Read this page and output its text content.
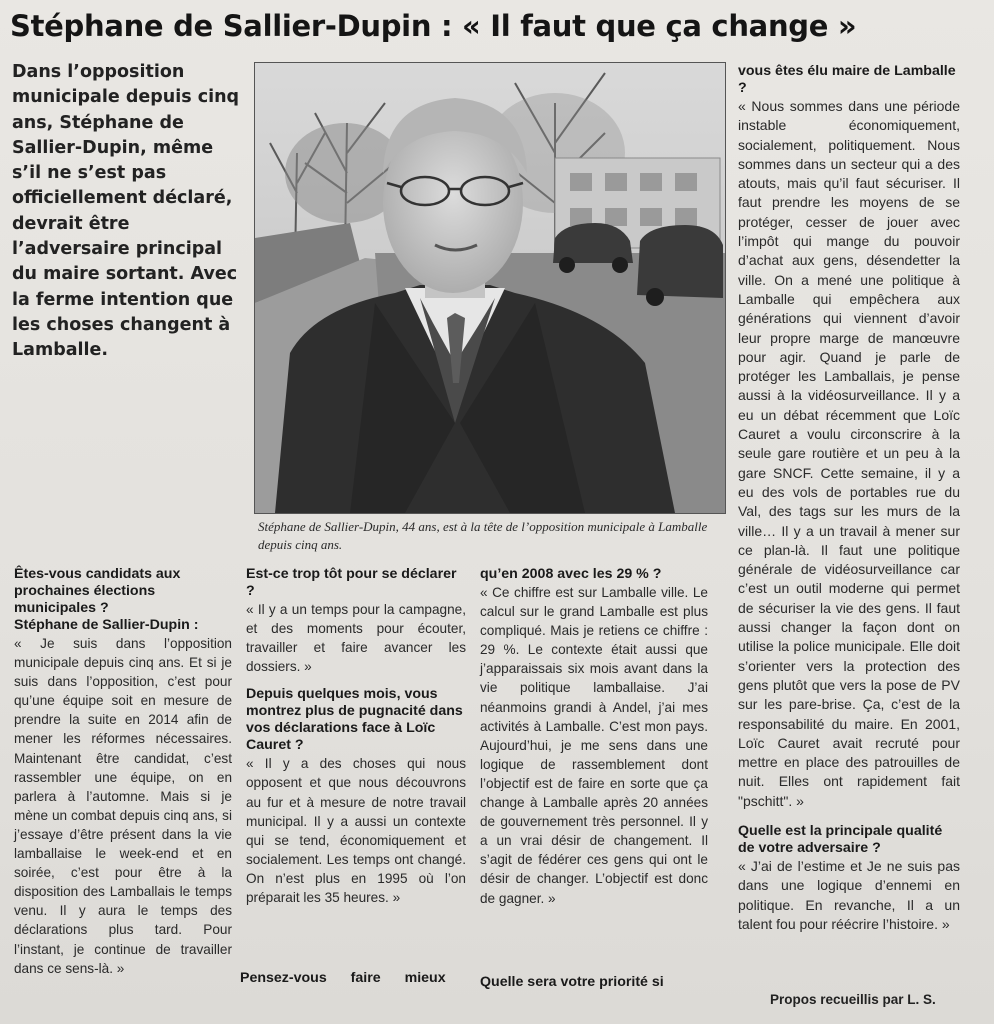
Stéphane de Sallier-Dupin : « Il faut que ça change »
Dans l’opposition municipale depuis cinq ans, Stéphane de Sallier-Dupin, même s’il ne s’est pas officiellement déclaré, devrait être l’adversaire principal du maire sortant. Avec la ferme intention que les choses changent à Lamballe.
Stéphane de Sallier-Dupin, 44 ans, est à la tête de l’opposition municipale à Lamballe depuis cinq ans.
Êtes-vous candidats aux prochaines élections municipales ?
Stéphane de Sallier-Dupin :
« Je suis dans l’opposition municipale depuis cinq ans. Et si je suis dans l’opposition, c’est pour qu’une équipe soit en mesure de prendre la suite en 2014 afin de mener les réformes nécessaires. Maintenant être candidat, c’est rassembler une équipe, on en parlera à l’automne. Mais si je mène un combat depuis cinq ans, si j’essaye d’être présent dans la vie lamballaise le week-end et en soirée, c’est pour être à la disposition des Lamballais le temps venu. Il y aura le temps des déclarations plus tard. Pour l’instant, je continue de travailler dans ce sens-là. »
Est-ce trop tôt pour se déclarer ?
« Il y a un temps pour la campagne, et des moments pour écouter, travailler et faire avancer les dossiers. »
Depuis quelques mois, vous montrez plus de pugnacité dans vos déclarations face à Loïc Cauret ?
« Il y a des choses qui nous opposent et que nous découvrons au fur et à mesure de notre travail municipal. Il y a aussi un contexte qui se tend, économiquement et socialement. Les temps ont changé. On n’est plus en 1995 où l’on préparait les 35 heures. »
Pensez-vous faire mieux
qu’en 2008 avec les 29 % ?
« Ce chiffre est sur Lamballe ville. Le calcul sur le grand Lamballe est plus compliqué. Mais je retiens ce chiffre : 29 %. Le contexte était aussi que j’apparaissais six mois avant dans la vie politique lamballaise. J’ai néanmoins grandi à Andel, j’ai mes activités à Lamballe. C’est mon pays. Aujourd’hui, je me sens dans une logique de rassemblement dont l’objectif est de faire en sorte que ça change à Lamballe après 20 années de gouvernement très personnel. Il y a un vrai désir de changement. Il s’agit de fédérer ces gens qui ont le désir de changer. L’objectif est donc de gagner. »
Quelle sera votre priorité si
vous êtes élu maire de Lamballe ?
« Nous sommes dans une période instable économiquement, socialement, politiquement. Nous sommes dans un secteur qui a des atouts, mais qu’il faut sécuriser. Il faut prendre les moyens de se protéger, cesser de jouer avec l’impôt qui mange du pouvoir d’achat aux gens, désendetter la ville. On a mené une politique à Lamballe qui empêchera aux générations qui viennent d’avoir leur propre marge de manœuvre pour agir. Quand je parle de protéger les Lamballais, je pense aussi à la vidéosurveillance. Il y a eu un débat récemment que Loïc Cauret a voulu circonscrire à la seule gare routière et un peu à la gare SNCF. Cette semaine, il y a eu des vols de portables rue du Val, des tags sur les murs de la ville… Il y a un travail à mener sur ce plan-là. Il faut une politique générale de vidéosurveillance car c’est un outil moderne qui permet de sécuriser la vie des gens. Il faut aussi changer la façon dont on utilise la police municipale. Elle doit s’orienter vers la protection des gens plutôt que vers la pose de PV sur les pare-brise. Ça, c’est de la responsabilité du maire. En 2001, Loïc Cauret avait recruté pour mettre en place des patrouilles de nuit. Elles ont rapidement fait "pschitt". »
Quelle est la principale qualité de votre adversaire ?
« J’ai de l’estime et Je ne suis pas dans une logique d’ennemi en politique. En revanche, Il a un talent fou pour réécrire l’histoire. »
Propos recueillis par L. S.
